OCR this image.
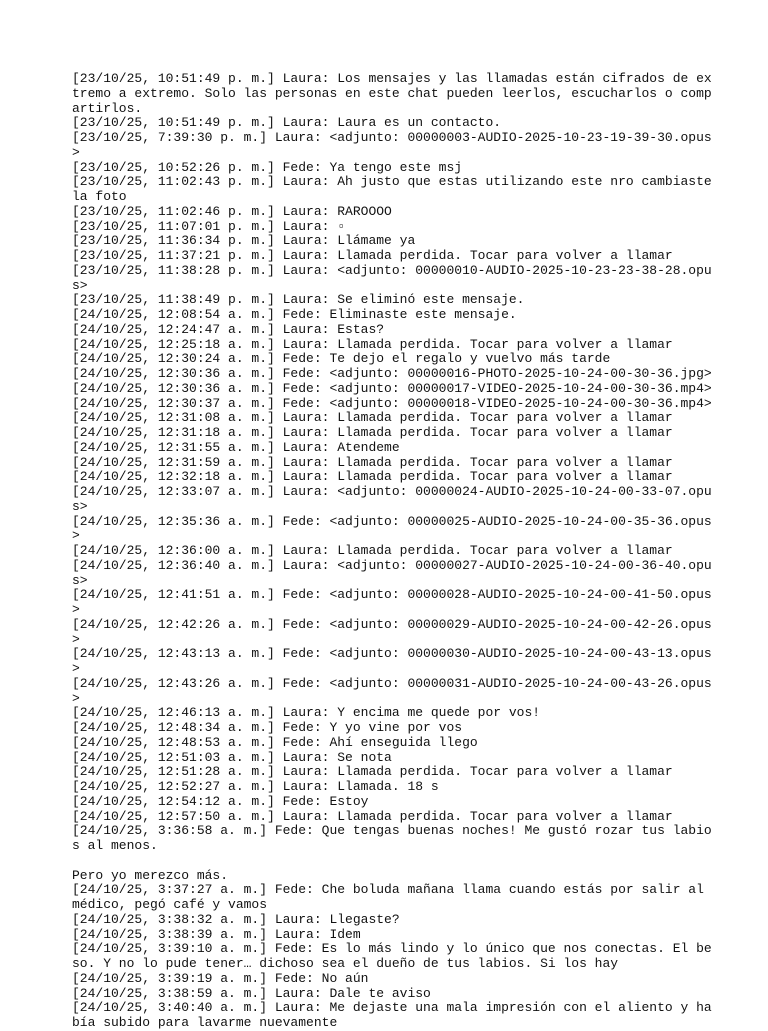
[23/10/25, 10:51:49 p. m.] Laura: Los mensajes y las llamadas están cifrados de extremo a extremo. Solo las personas en este chat pueden leerlos, escucharlos o compartirlos.

[23/10/25, 10:51:49 p. m.] Laura: Laura es un contacto.

[23/10/25, 7:39:30 p. m.] Laura: <adjunto: 00000003-AUDIO-2025-10-23-19-39-30.opus>

[23/10/25, 10:52:26 p. m.] Fede: Ya tengo este msj

[23/10/25, 11:02:43 p. m.] Laura: Ah justo que estas utilizando este nro cambiaste la foto

[23/10/25, 11:02:46 p. m.] Laura: RAROOOO

[23/10/25, 11:07:01 p. m.] Laura: ▫

[23/10/25, 11:36:34 p. m.] Laura: Llámame ya

[23/10/25, 11:37:21 p. m.] Laura: Llamada perdida. Tocar para volver a llamar

[23/10/25, 11:38:28 p. m.] Laura: <adjunto: 00000010-AUDIO-2025-10-23-23-38-28.opus>

[23/10/25, 11:38:49 p. m.] Laura: Se eliminó este mensaje.

[24/10/25, 12:08:54 a. m.] Fede: Eliminaste este mensaje.

[24/10/25, 12:24:47 a. m.] Laura: Estas?

[24/10/25, 12:25:18 a. m.] Laura: Llamada perdida. Tocar para volver a llamar

[24/10/25, 12:30:24 a. m.] Fede: Te dejo el regalo y vuelvo más tarde

[24/10/25, 12:30:36 a. m.] Fede: <adjunto: 00000016-PHOTO-2025-10-24-00-30-36.jpg>

[24/10/25, 12:30:36 a. m.] Fede: <adjunto: 00000017-VIDEO-2025-10-24-00-30-36.mp4>

[24/10/25, 12:30:37 a. m.] Fede: <adjunto: 00000018-VIDEO-2025-10-24-00-30-36.mp4>

[24/10/25, 12:31:08 a. m.] Laura: Llamada perdida. Tocar para volver a llamar

[24/10/25, 12:31:18 a. m.] Laura: Llamada perdida. Tocar para volver a llamar

[24/10/25, 12:31:55 a. m.] Laura: Atendeme

[24/10/25, 12:31:59 a. m.] Laura: Llamada perdida. Tocar para volver a llamar

[24/10/25, 12:32:18 a. m.] Laura: Llamada perdida. Tocar para volver a llamar

[24/10/25, 12:33:07 a. m.] Laura: <adjunto: 00000024-AUDIO-2025-10-24-00-33-07.opus>

[24/10/25, 12:35:36 a. m.] Fede: <adjunto: 00000025-AUDIO-2025-10-24-00-35-36.opus>

[24/10/25, 12:36:00 a. m.] Laura: Llamada perdida. Tocar para volver a llamar

[24/10/25, 12:36:40 a. m.] Laura: <adjunto: 00000027-AUDIO-2025-10-24-00-36-40.opus>

[24/10/25, 12:41:51 a. m.] Fede: <adjunto: 00000028-AUDIO-2025-10-24-00-41-50.opus>

[24/10/25, 12:42:26 a. m.] Fede: <adjunto: 00000029-AUDIO-2025-10-24-00-42-26.opus>

[24/10/25, 12:43:13 a. m.] Fede: <adjunto: 00000030-AUDIO-2025-10-24-00-43-13.opus>

[24/10/25, 12:43:26 a. m.] Fede: <adjunto: 00000031-AUDIO-2025-10-24-00-43-26.opus>

[24/10/25, 12:46:13 a. m.] Laura: Y encima me quede por vos!

[24/10/25, 12:48:34 a. m.] Fede: Y yo vine por vos

[24/10/25, 12:48:53 a. m.] Fede: Ahí enseguida llego

[24/10/25, 12:51:03 a. m.] Laura: Se nota

[24/10/25, 12:51:28 a. m.] Laura: Llamada perdida. Tocar para volver a llamar

[24/10/25, 12:52:27 a. m.] Laura: Llamada. 18 s

[24/10/25, 12:54:12 a. m.] Fede: Estoy

[24/10/25, 12:57:50 a. m.] Laura: Llamada perdida. Tocar para volver a llamar

[24/10/25, 3:36:58 a. m.] Fede: Que tengas buenas noches! Me gustó rozar tus labios al menos.

Pero yo merezco más.

[24/10/25, 3:37:27 a. m.] Fede: Che boluda mañana llama cuando estás por salir al médico, pegó café y vamos

[24/10/25, 3:38:32 a. m.] Laura: Llegaste?

[24/10/25, 3:38:39 a. m.] Laura: Idem

[24/10/25, 3:39:10 a. m.] Fede: Es lo más lindo y lo único que nos conectas. El beso. Y no lo pude tener… dichoso sea el dueño de tus labios. Si los hay

[24/10/25, 3:39:19 a. m.] Fede: No aún

[24/10/25, 3:38:59 a. m.] Laura: Dale te aviso

[24/10/25, 3:40:40 a. m.] Laura: Me dejaste una mala impresión con el aliento y había subido para lavarme nuevamente
